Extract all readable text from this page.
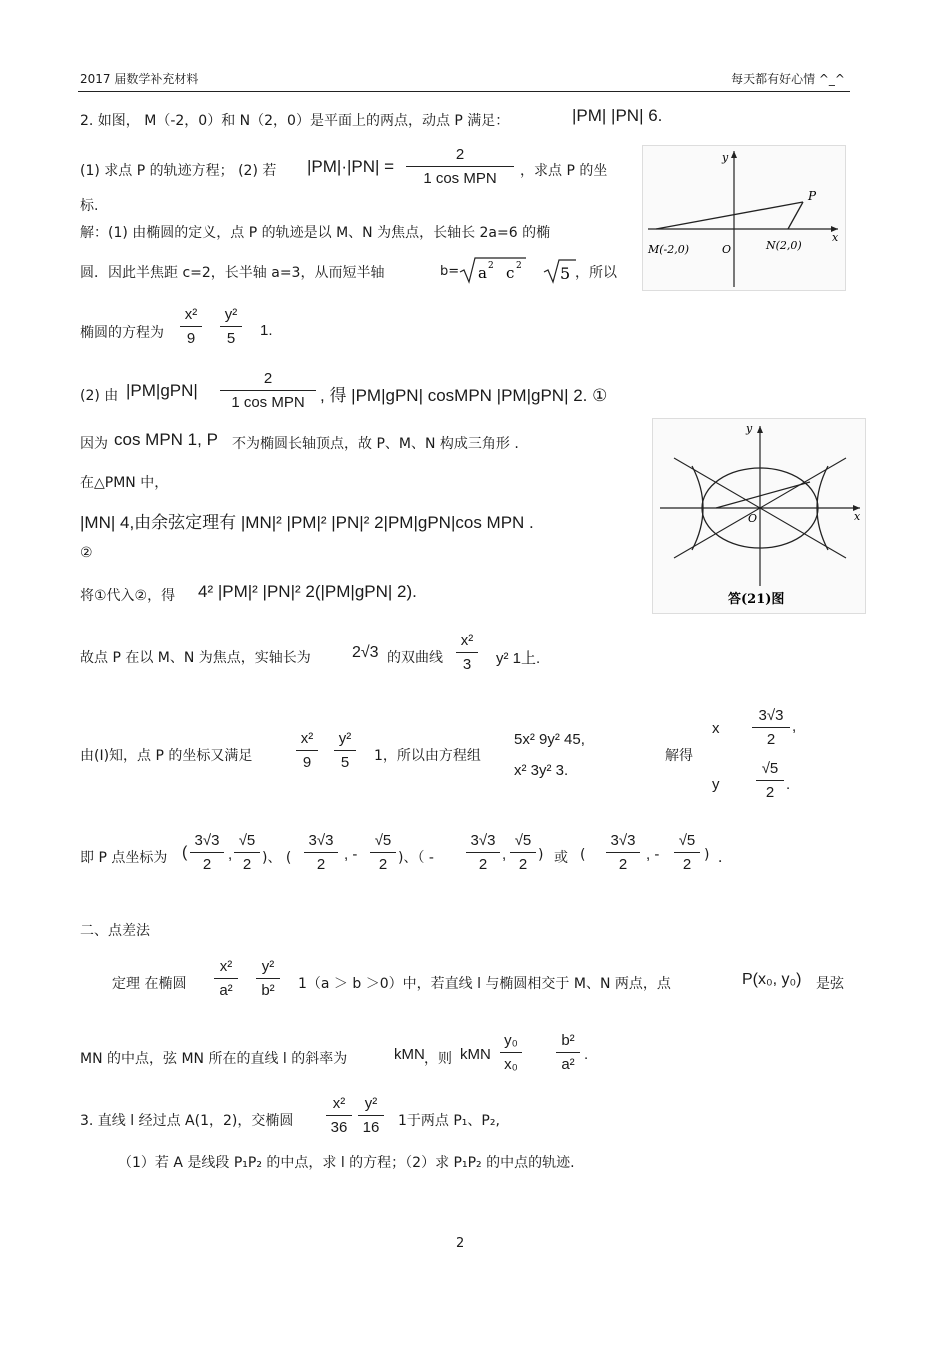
2017 届数学补充材料	每天都有好心情 ^_^
2. 如图， M（-2，0）和 N（2，0）是平面上的两点，动点 P 满足：	|PM| |PN| 6.
(1) 求点 P 的轨迹方程； (2) 若 |PM|·|PN| =
2
1 cos MPN ，求点 P 的坐
标.
解：(1) 由椭圆的定义，点 P 的轨迹是以 M、N 为焦点，长轴长 2a=6 的椭
圆．因此半焦距 c=2，长半轴 a=3，从而短半轴	b= a 2 c 2 5 ，所以
椭圆的方程为
x²
9
y²
5 1.
(2) 由 |PM|gPN|
2
1 cos MPN , 得 |PM|gPN| cosMPN |PM|gPN| 2. ①
因为 cos MPN 1, P 不为椭圆长轴顶点，故 P、M、N 构成三角形 .
在△PMN 中，
|MN| 4,由余弦定理有 |MN|² |PM|² |PN|² 2|PM|gPN|cos MPN .
②
将①代入②，得 4² |PM|² |PN|² 2(|PM|gPN| 2).
故点 P 在以 M、N 为焦点，实轴长为	2√3 的双曲线
x²
3 y² 1上.
由(Ⅰ)知，点 P 的坐标又满足
x²
9
y²
5 1，所以由方程组
5x² 9y² 45,
x² 3y² 3.
解得
x
3√3
2
,
y
√5
2 .
即 P 点坐标为 (
3√3
2
,
√5
2 )、 (
3√3
2
, -
√5
2 )、（ -
3√3
2
,
√5
2
) 或 (
3√3
2
, -
√5
2
) ．
二、点差法
定理 在椭圆
x²
a²
y²
b² 1（a ＞ b ＞0）中，若直线 l 与椭圆相交于 M、N 两点，点	P(x₀, y₀) 是弦
MN 的中点，弦 MN 所在的直线 l 的斜率为	kMN ，则 kMN
y₀
x₀
b²
a²
.
3. 直线 l 经过点 A(1，2)，交椭圆
x²
36
y²
16 1于两点 P₁、P₂,
（1）若 A 是线段 P₁P₂ 的中点，求 l 的方程；（2）求 P₁P₂ 的中点的轨迹.
2
P
y
x
O
M(-2,0)	N(2,0)
y
x
O
答(21)图
